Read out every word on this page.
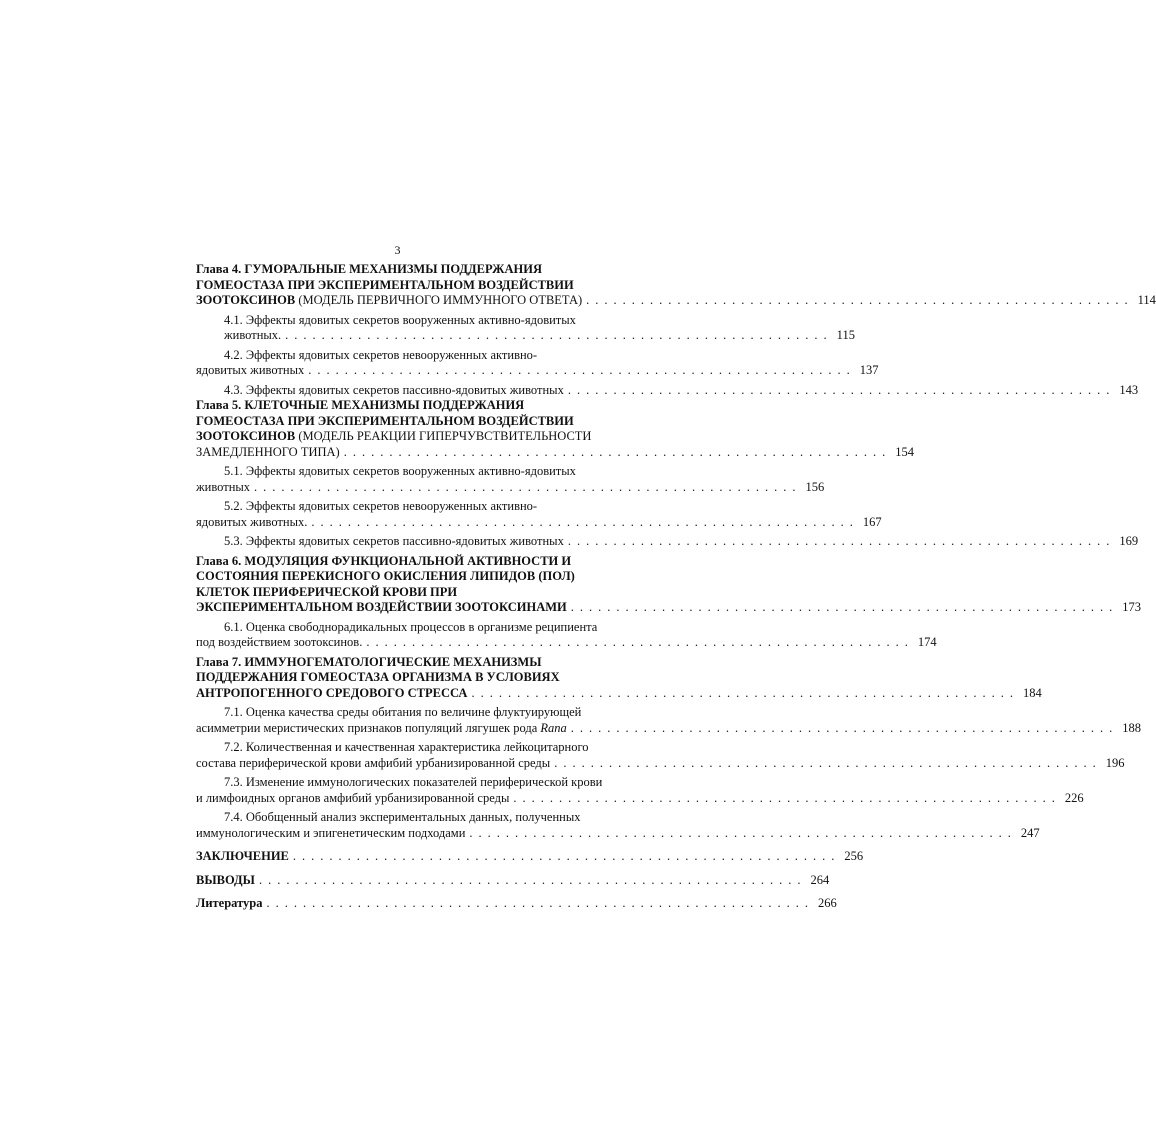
3
Глава 4. ГУМОРАЛЬНЫЕ МЕХАНИЗМЫ ПОДДЕРЖАНИЯ
ГОМЕОСТАЗА ПРИ ЭКСПЕРИМЕНТАЛЬНОМ ВОЗДЕЙСТВИИ
ЗООТОКСИНОВ (МОДЕЛЬ ПЕРВИЧНОГО ИММУННОГО ОТВЕТА) ............................................................ 114
4.1. Эффекты ядовитых секретов вооруженных активно-ядовитых
животных. ............................................................ 115
4.2. Эффекты ядовитых секретов невооруженных активно-
ядовитых животных ............................................................ 137
4.3. Эффекты ядовитых секретов пассивно-ядовитых животных ............................................................ 143
Глава 5. КЛЕТОЧНЫЕ МЕХАНИЗМЫ ПОДДЕРЖАНИЯ
ГОМЕОСТАЗА ПРИ ЭКСПЕРИМЕНТАЛЬНОМ ВОЗДЕЙСТВИИ
ЗООТОКСИНОВ (МОДЕЛЬ РЕАКЦИИ ГИПЕРЧУВСТВИТЕЛЬНОСТИ
ЗАМЕДЛЕННОГО ТИПА) ............................................................ 154
5.1. Эффекты ядовитых секретов вооруженных активно-ядовитых
животных ............................................................ 156
5.2. Эффекты ядовитых секретов невооруженных активно-
ядовитых животных. ............................................................ 167
5.3. Эффекты ядовитых секретов пассивно-ядовитых животных ............................................................ 169
Глава 6. МОДУЛЯЦИЯ ФУНКЦИОНАЛЬНОЙ АКТИВНОСТИ И
СОСТОЯНИЯ ПЕРЕКИСНОГО ОКИСЛЕНИЯ ЛИПИДОВ (ПОЛ)
КЛЕТОК ПЕРИФЕРИЧЕСКОЙ КРОВИ ПРИ
ЭКСПЕРИМЕНТАЛЬНОМ ВОЗДЕЙСТВИИ ЗООТОКСИНАМИ ............................................................ 173
6.1. Оценка свободнорадикальных процессов в организме реципиента
под воздействием зоотоксинов. ............................................................ 174
Глава 7. ИММУНОГЕМАТОЛОГИЧЕСКИЕ МЕХАНИЗМЫ
ПОДДЕРЖАНИЯ ГОМЕОСТАЗА ОРГАНИЗМА В УСЛОВИЯХ
АНТРОПОГЕННОГО СРЕДОВОГО СТРЕССА ............................................................ 184
7.1. Оценка качества среды обитания по величине флуктуирующей
асимметрии меристических признаков популяций лягушек рода Rana ............................................................ 188
7.2. Количественная и качественная характеристика лейкоцитарного
состава периферической крови амфибий урбанизированной среды ............................................................ 196
7.3. Изменение иммунологических показателей периферической крови
и лимфоидных органов амфибий урбанизированной среды ............................................................ 226
7.4. Обобщенный анализ экспериментальных данных, полученных
иммунологическим и эпигенетическим подходами ............................................................ 247
ЗАКЛЮЧЕНИЕ ............................................................ 256
ВЫВОДЫ ............................................................ 264
Литература ............................................................ 266
